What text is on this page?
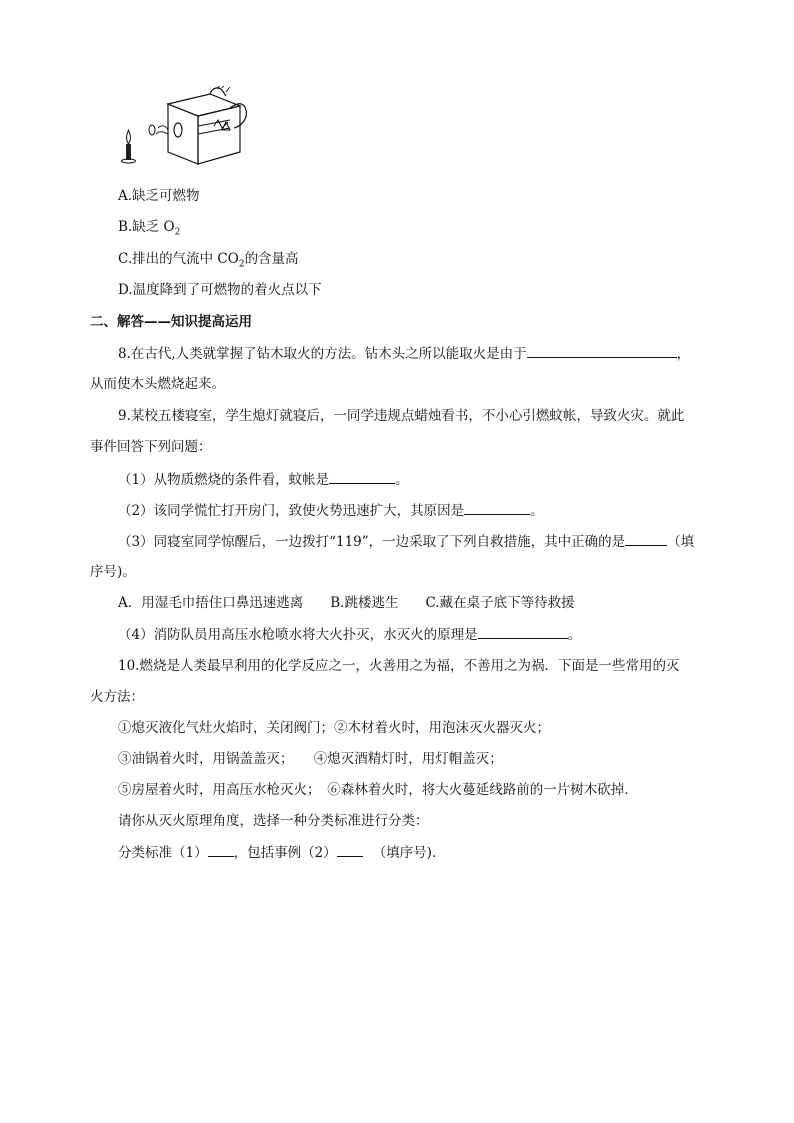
A.缺乏可燃物
B.缺乏 $O_2$
C.排出的气流中 $CO_2$的含量高
D.温度降到了可燃物的着火点以下
二、解答——知识提高运用
8.在古代,人类就掌握了钻木取火的方法。钻木头之所以能取火是由于	，
从而使木头燃烧起来。
9.某校五楼寝室，学生熄灯就寝后，一同学违规点蜡烛看书，不小心引燃蚊帐，导致火灾。就此
事件回答下列问题：
（1）从物质燃烧的条件看，蚊帐是	。
（2）该同学慌忙打开房门，致使火势迅速扩大，其原因是	。
（3）同寝室同学惊醒后，一边拨打“119”，一边采取了下列自救措施，其中正确的是	（填
序号)。
A．用湿毛巾捂住口鼻迅速逃离　　B.跳楼逃生　　C.藏在桌子底下等待救援
（4）消防队员用高压水枪喷水将大火扑灭，水灭火的原理是	。
10.燃烧是人类最早利用的化学反应之一，火善用之为福，不善用之为祸．下面是一些常用的灭
火方法：
①熄灭液化气灶火焰时，关闭阀门；②木材着火时，用泡沫灭火器灭火；
③油锅着火时，用锅盖盖灭；　　④熄灭酒精灯时，用灯帽盖灭；
⑤房屋着火时，用高压水枪灭火；　⑥森林着火时，将大火蔓延线路前的一片树木砍掉．
请你从灭火原理角度，选择一种分类标准进行分类：
分类标准（1） ，包括事例（2）	（填序号)．
